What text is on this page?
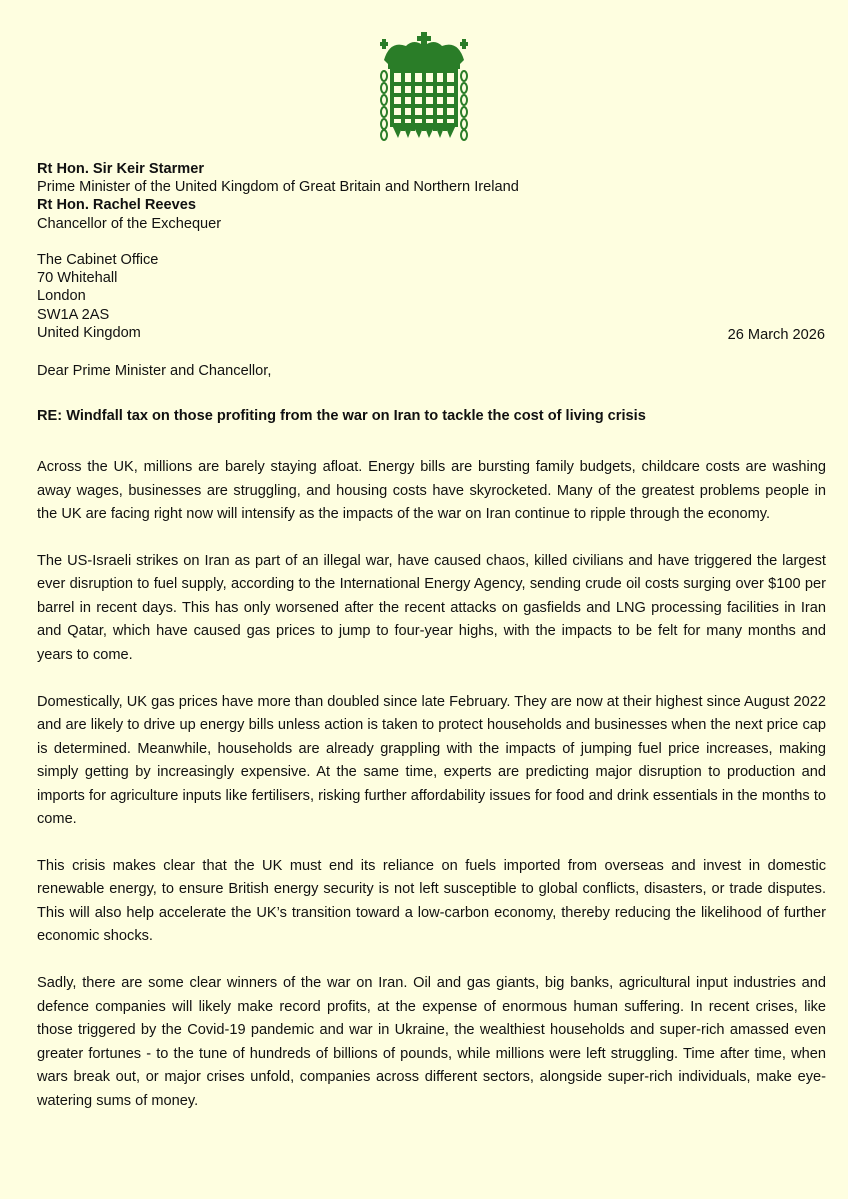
Rt Hon. Sir Keir Starmer
Prime Minister of the United Kingdom of Great Britain and Northern Ireland
Rt Hon. Rachel Reeves
Chancellor of the Exchequer
The Cabinet Office
70 Whitehall
London
SW1A 2AS
United Kingdom	26 March 2026
Dear Prime Minister and Chancellor,
RE: Windfall tax on those profiting from the war on Iran to tackle the cost of living crisis

Across the UK, millions are barely staying afloat. Energy bills are bursting family budgets, childcare costs are washing away wages, businesses are struggling, and housing costs have skyrocketed. Many of the greatest problems people in the UK are facing right now will intensify as the impacts of the war on Iran continue to ripple through the economy.

The US-Israeli strikes on Iran as part of an illegal war, have caused chaos, killed civilians and have triggered the largest ever disruption to fuel supply, according to the International Energy Agency, sending crude oil costs surging over $100 per barrel in recent days. This has only worsened after the recent attacks on gasfields and LNG processing facilities in Iran and Qatar, which have caused gas prices to jump to four-year highs, with the impacts to be felt for many months and years to come.

Domestically, UK gas prices have more than doubled since late February. They are now at their highest since August 2022 and are likely to drive up energy bills unless action is taken to protect households and businesses when the next price cap is determined. Meanwhile, households are already grappling with the impacts of jumping fuel price increases, making simply getting by increasingly expensive. At the same time, experts are predicting major disruption to production and imports for agriculture inputs like fertilisers, risking further affordability issues for food and drink essentials in the months to come.

This crisis makes clear that the UK must end its reliance on fuels imported from overseas and invest in domestic renewable energy, to ensure British energy security is not left susceptible to global conflicts, disasters, or trade disputes. This will also help accelerate the UK’s transition toward a low-carbon economy, thereby reducing the likelihood of further economic shocks.

Sadly, there are some clear winners of the war on Iran. Oil and gas giants, big banks, agricultural input industries and defence companies will likely make record profits, at the expense of enormous human suffering. In recent crises, like those triggered by the Covid-19 pandemic and war in Ukraine, the wealthiest households and super-rich amassed even greater fortunes - to the tune of hundreds of billions of pounds, while millions were left struggling. Time after time, when wars break out, or major crises unfold, companies across different sectors, alongside super-rich individuals, make eye-watering sums of money.
